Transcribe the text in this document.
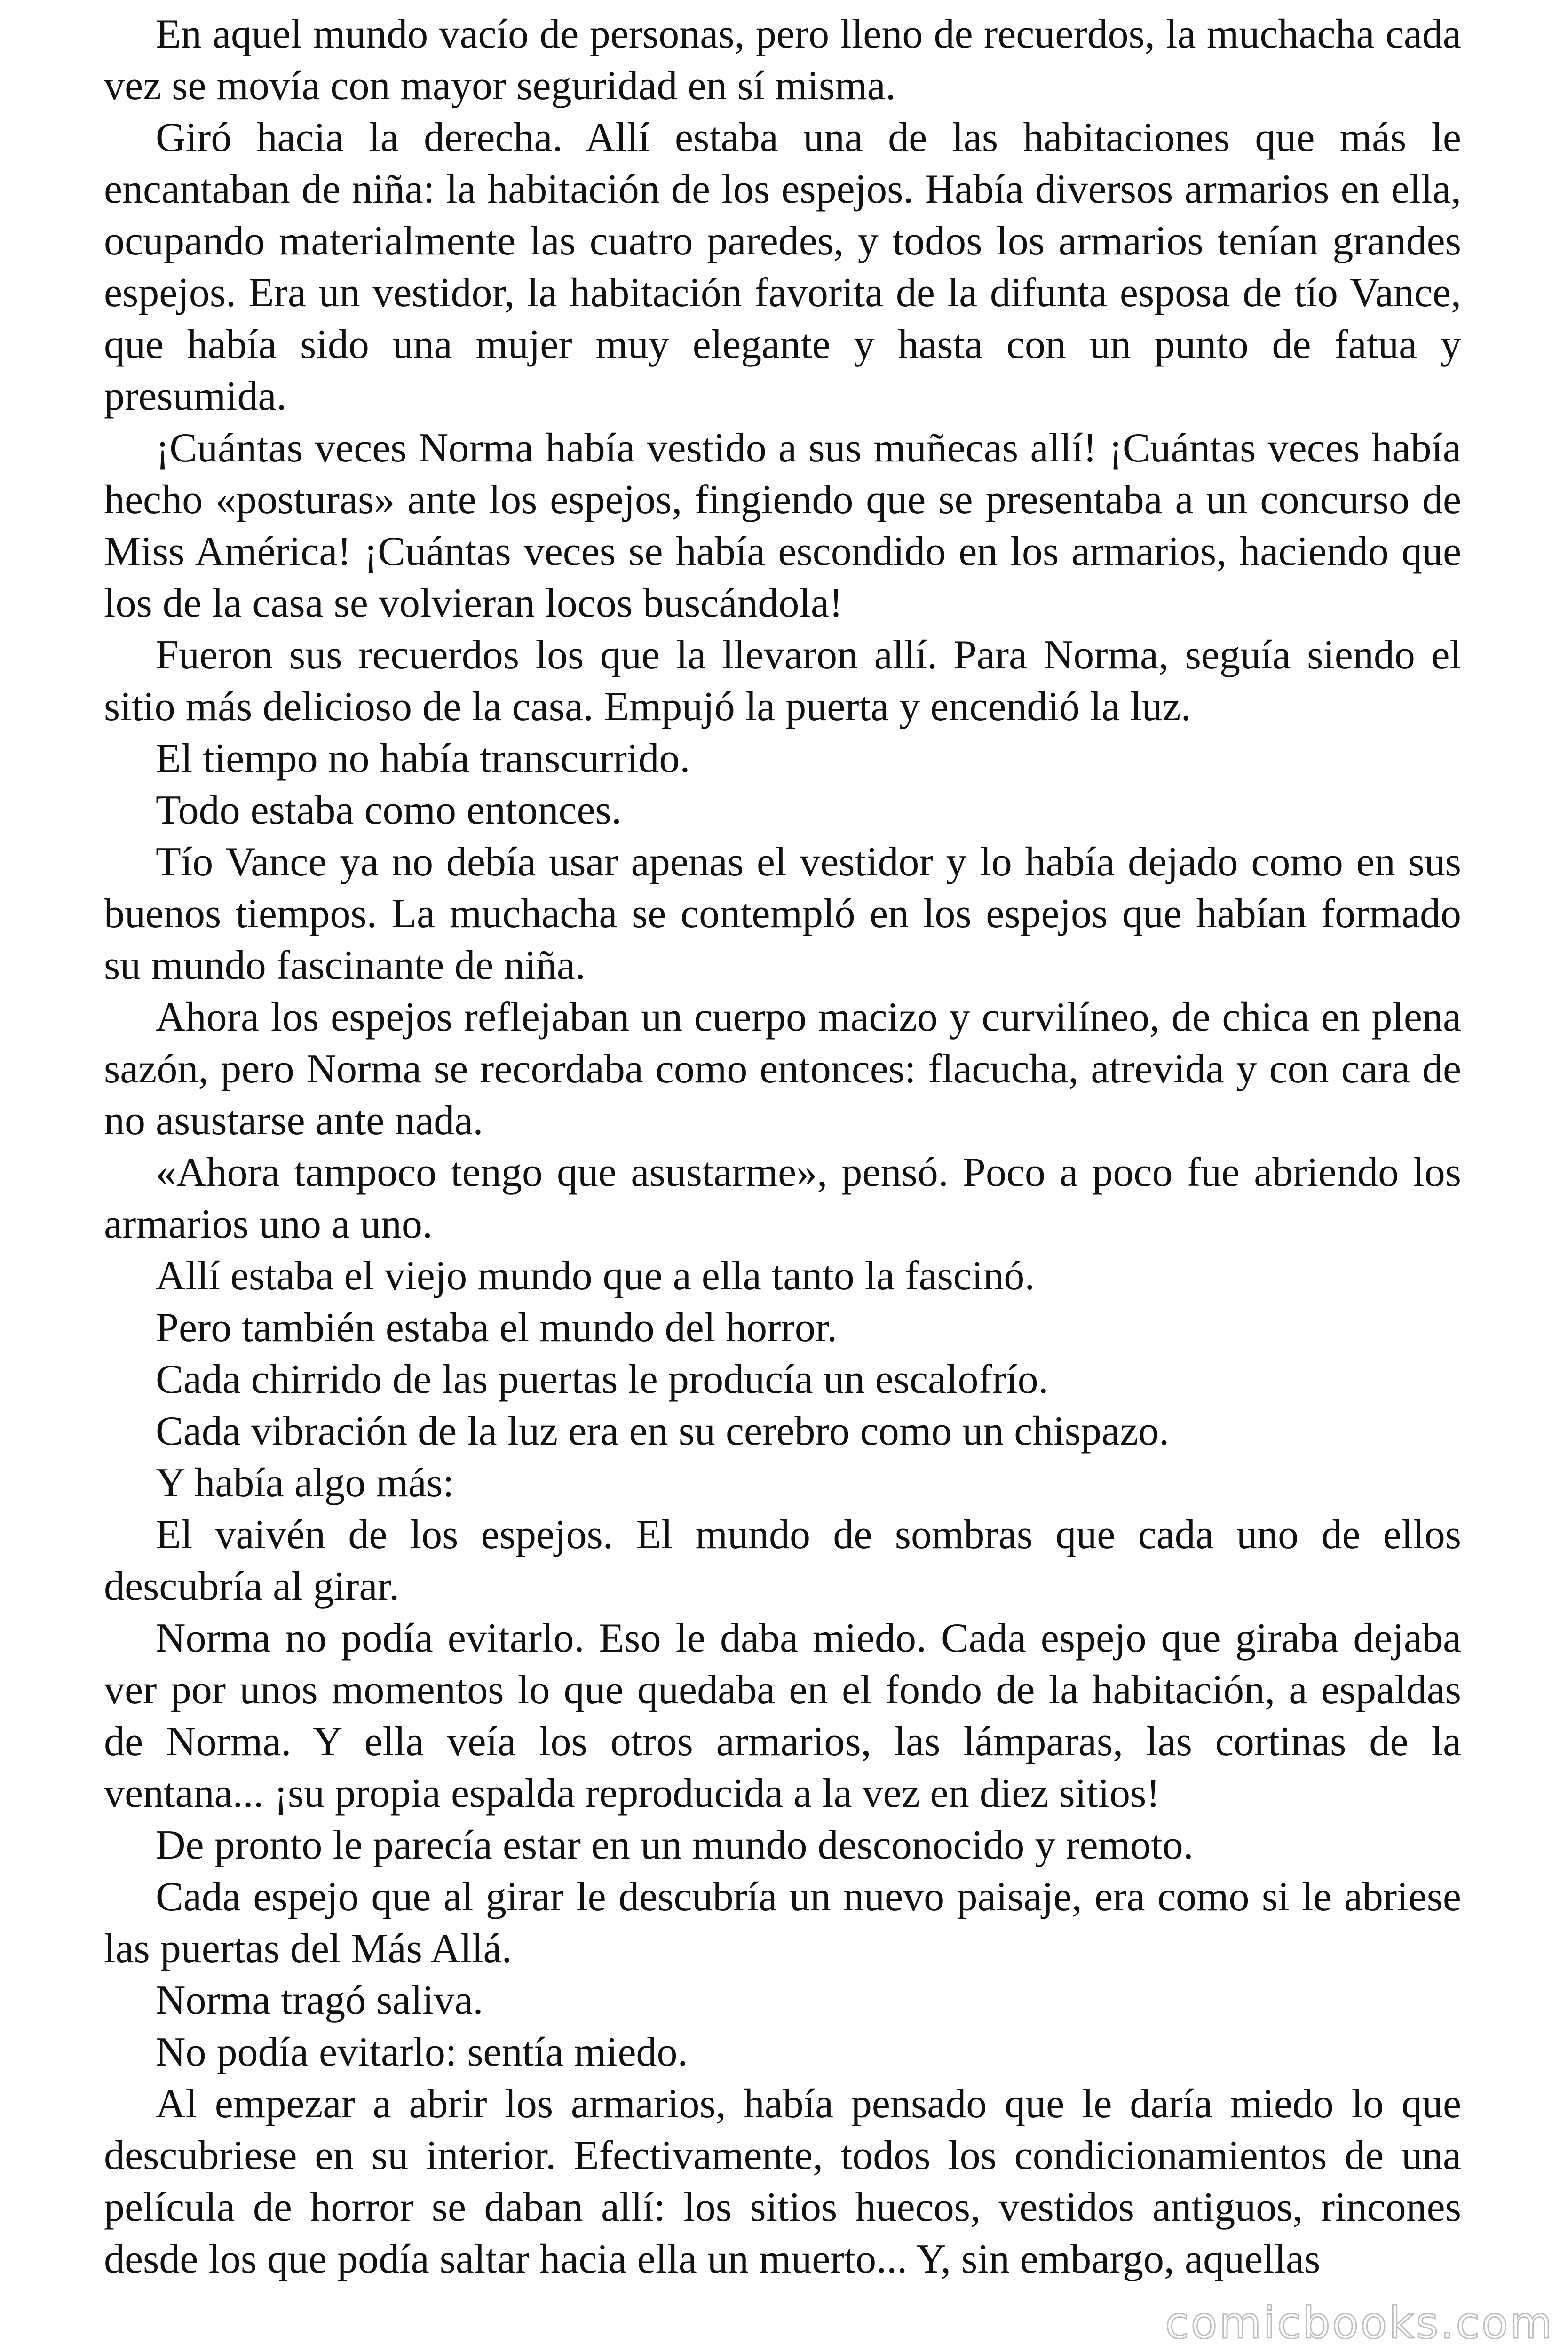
En aquel mundo vacío de personas, pero lleno de recuerdos, la muchacha cada vez se movía con mayor seguridad en sí misma.

Giró hacia la derecha. Allí estaba una de las habitaciones que más le encantaban de niña: la habitación de los espejos. Había diversos armarios en ella, ocupando materialmente las cuatro paredes, y todos los armarios tenían grandes espejos. Era un vestidor, la habitación favorita de la difunta esposa de tío Vance, que había sido una mujer muy elegante y hasta con un punto de fatua y presumida.

¡Cuántas veces Norma había vestido a sus muñecas allí! ¡Cuántas veces había hecho «posturas» ante los espejos, fingiendo que se presentaba a un concurso de Miss América! ¡Cuántas veces se había escondido en los armarios, haciendo que los de la casa se volvieran locos buscándola!

Fueron sus recuerdos los que la llevaron allí. Para Norma, seguía siendo el sitio más delicioso de la casa. Empujó la puerta y encendió la luz.

El tiempo no había transcurrido.

Todo estaba como entonces.

Tío Vance ya no debía usar apenas el vestidor y lo había dejado como en sus buenos tiempos. La muchacha se contempló en los espejos que habían formado su mundo fascinante de niña.

Ahora los espejos reflejaban un cuerpo macizo y curvilíneo, de chica en plena sazón, pero Norma se recordaba como entonces: flacucha, atrevida y con cara de no asustarse ante nada.

«Ahora tampoco tengo que asustarme», pensó. Poco a poco fue abriendo los armarios uno a uno.

Allí estaba el viejo mundo que a ella tanto la fascinó.

Pero también estaba el mundo del horror.

Cada chirrido de las puertas le producía un escalofrío.

Cada vibración de la luz era en su cerebro como un chispazo.

Y había algo más:

El vaivén de los espejos. El mundo de sombras que cada uno de ellos descubría al girar.

Norma no podía evitarlo. Eso le daba miedo. Cada espejo que giraba dejaba ver por unos momentos lo que quedaba en el fondo de la habitación, a espaldas de Norma. Y ella veía los otros armarios, las lámparas, las cortinas de la ventana... ¡su propia espalda reproducida a la vez en diez sitios!

De pronto le parecía estar en un mundo desconocido y remoto.

Cada espejo que al girar le descubría un nuevo paisaje, era como si le abriese las puertas del Más Allá.

Norma tragó saliva.

No podía evitarlo: sentía miedo.

Al empezar a abrir los armarios, había pensado que le daría miedo lo que descubriese en su interior. Efectivamente, todos los condicionamientos de una película de horror se daban allí: los sitios huecos, vestidos antiguos, rincones desde los que podía saltar hacia ella un muerto... Y, sin embargo, aquellas

comicbooks.com
